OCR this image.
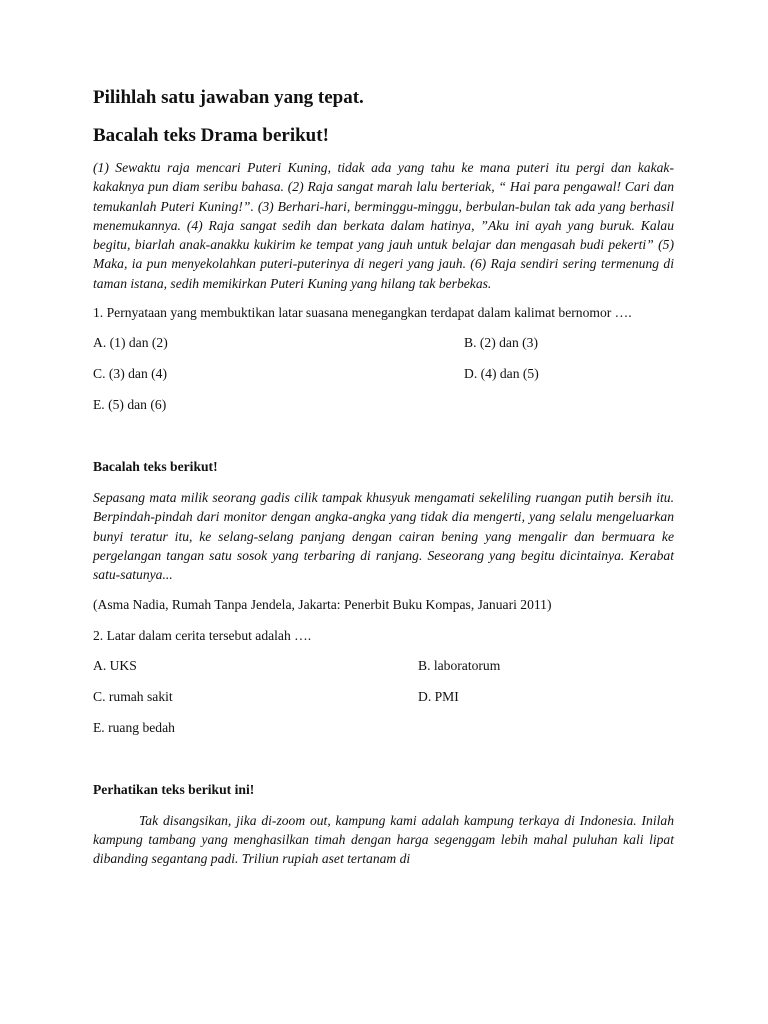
Pilihlah satu jawaban yang tepat.
Bacalah teks Drama berikut!

(1) Sewaktu raja mencari Puteri Kuning, tidak ada yang tahu ke mana puteri itu pergi dan kakak-kakaknya pun diam seribu bahasa. (2) Raja sangat marah lalu berteriak, “ Hai para pengawal! Cari dan temukanlah Puteri Kuning!”. (3) Berhari-hari, berminggu-minggu, berbulan-bulan tak ada yang berhasil menemukannya. (4) Raja sangat sedih dan berkata dalam hatinya, ”Aku ini ayah yang buruk. Kalau begitu, biarlah anak-anakku kukirim ke tempat yang jauh untuk belajar dan mengasah budi pekerti” (5) Maka, ia pun menyekolahkan puteri-puterinya di negeri yang jauh. (6) Raja sendiri sering termenung di taman istana, sedih memikirkan Puteri Kuning yang hilang tak berbekas.

1. Pernyataan yang membuktikan latar suasana menegangkan terdapat dalam kalimat bernomor ….

A. (1) dan (2)	B. (2) dan (3)
C. (3) dan (4)	D. (4) dan (5)
E. (5) dan (6)
Bacalah teks berikut!

Sepasang mata milik seorang gadis cilik tampak khusyuk mengamati sekeliling ruangan putih bersih itu. Berpindah-pindah dari monitor dengan angka-angka yang tidak dia mengerti, yang selalu mengeluarkan bunyi teratur itu, ke selang-selang panjang dengan cairan bening yang mengalir dan bermuara ke pergelangan tangan satu sosok yang terbaring di ranjang. Seseorang yang begitu dicintainya. Kerabat satu-satunya...

(Asma Nadia, Rumah Tanpa Jendela, Jakarta: Penerbit Buku Kompas, Januari 2011)

2. Latar dalam cerita tersebut adalah ….

A. UKS	B. laboratorum
C. rumah sakit	D. PMI
E. ruang bedah
Perhatikan teks berikut ini!

Tak disangsikan, jika di-zoom out, kampung kami adalah kampung terkaya di Indonesia. Inilah kampung tambang yang menghasilkan timah dengan harga segenggam lebih mahal puluhan kali lipat dibanding segantang padi. Triliun rupiah aset tertanam di
